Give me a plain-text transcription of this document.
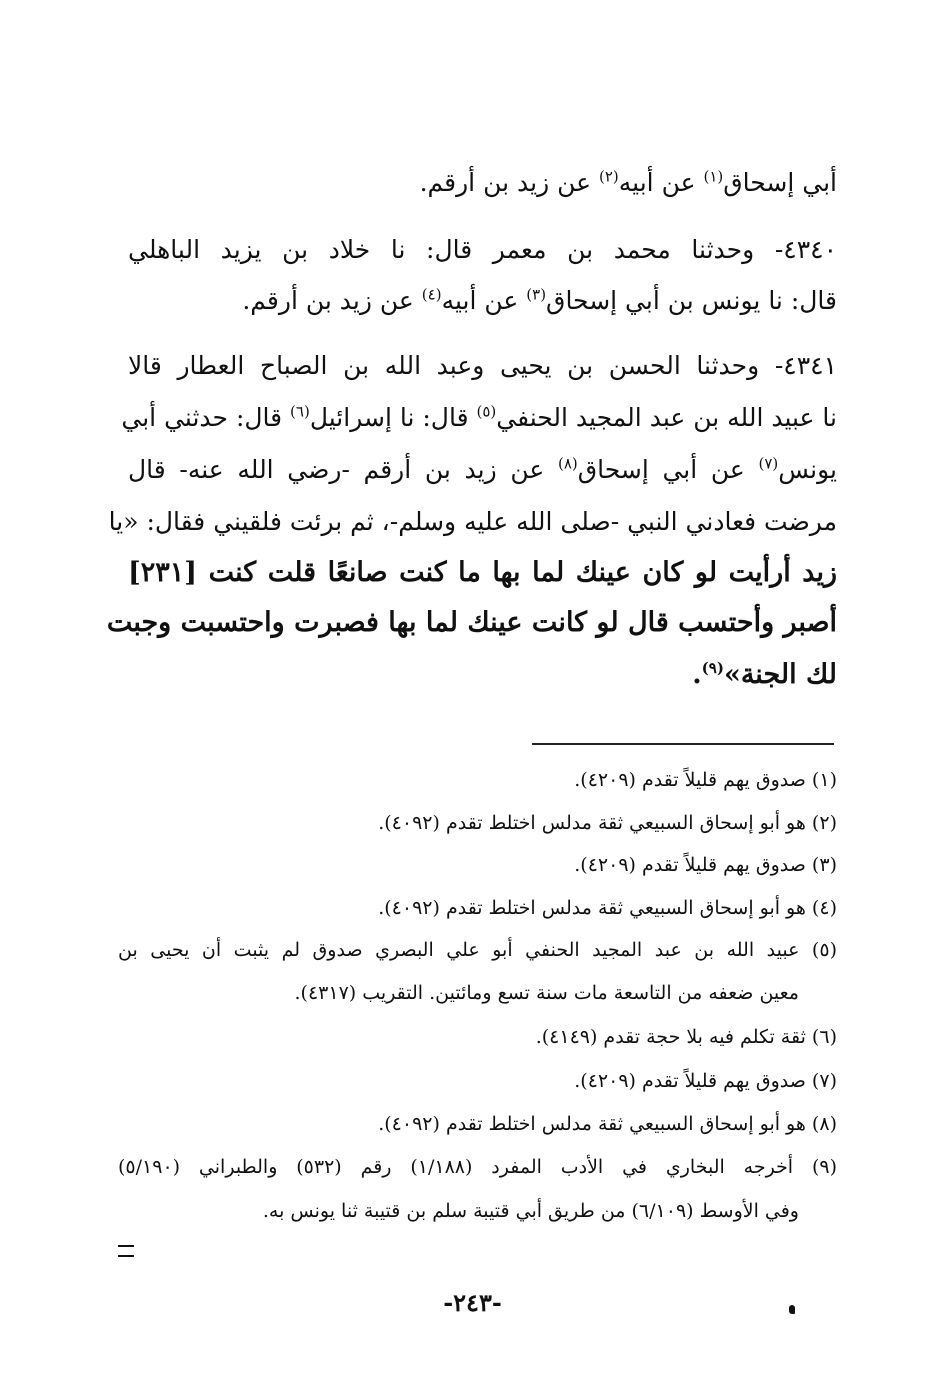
أبي إسحاق$^{(١)}$ عن أبيه$^{(٢)}$ عن زيد بن أرقم.
٤٣٤٠- وحدثنا محمد بن معمر قال: نا خلاد بن يزيد الباهلي
قال: نا يونس بن أبي إسحاق$^{(٣)}$ عن أبيه$^{(٤)}$ عن زيد بن أرقم.
٤٣٤١- وحدثنا الحسن بن يحيى وعبد الله بن الصباح العطار قالا
نا عبيد الله بن عبد المجيد الحنفي$^{(٥)}$ قال: نا إسرائيل$^{(٦)}$ قال: حدثني أبي
يونس$^{(٧)}$ عن أبي إسحاق$^{(٨)}$ عن زيد بن أرقم -رضي الله عنه- قال
مرضت فعادني النبي -صلى الله عليه وسلم-، ثم برئت فلقيني فقال: «يا
زيد أرأيت لو كان عينك لما بها ما كنت صانعًا قلت كنت [٢٣١]
أصبر وأحتسب قال لو كانت عينك لما بها فصبرت واحتسبت وجبت
لك الجنة»$^{(٩)}$.
(١) صدوق يهم قليلاً تقدم (٤٢٠٩).
(٢) هو أبو إسحاق السبيعي ثقة مدلس اختلط تقدم (٤٠٩٢).
(٣) صدوق يهم قليلاً تقدم (٤٢٠٩).
(٤) هو أبو إسحاق السبيعي ثقة مدلس اختلط تقدم (٤٠٩٢).
(٥) عبيد الله بن عبد المجيد الحنفي أبو علي البصري صدوق لم يثبت أن يحيى بن
معين ضعفه من التاسعة مات سنة تسع ومائتين. التقريب (٤٣١٧).
(٦) ثقة تكلم فيه بلا حجة تقدم (٤١٤٩).
(٧) صدوق يهم قليلاً تقدم (٤٢٠٩).
(٨) هو أبو إسحاق السبيعي ثقة مدلس اختلط تقدم (٤٠٩٢).
(٩) أخرجه البخاري في الأدب المفرد (١/١٨٨) رقم (٥٣٢) والطبراني (٥/١٩٠)
وفي الأوسط (٦/١٠٩) من طريق أبي قتيبة سلم بن قتيبة ثنا يونس به.
-٢٤٣-
